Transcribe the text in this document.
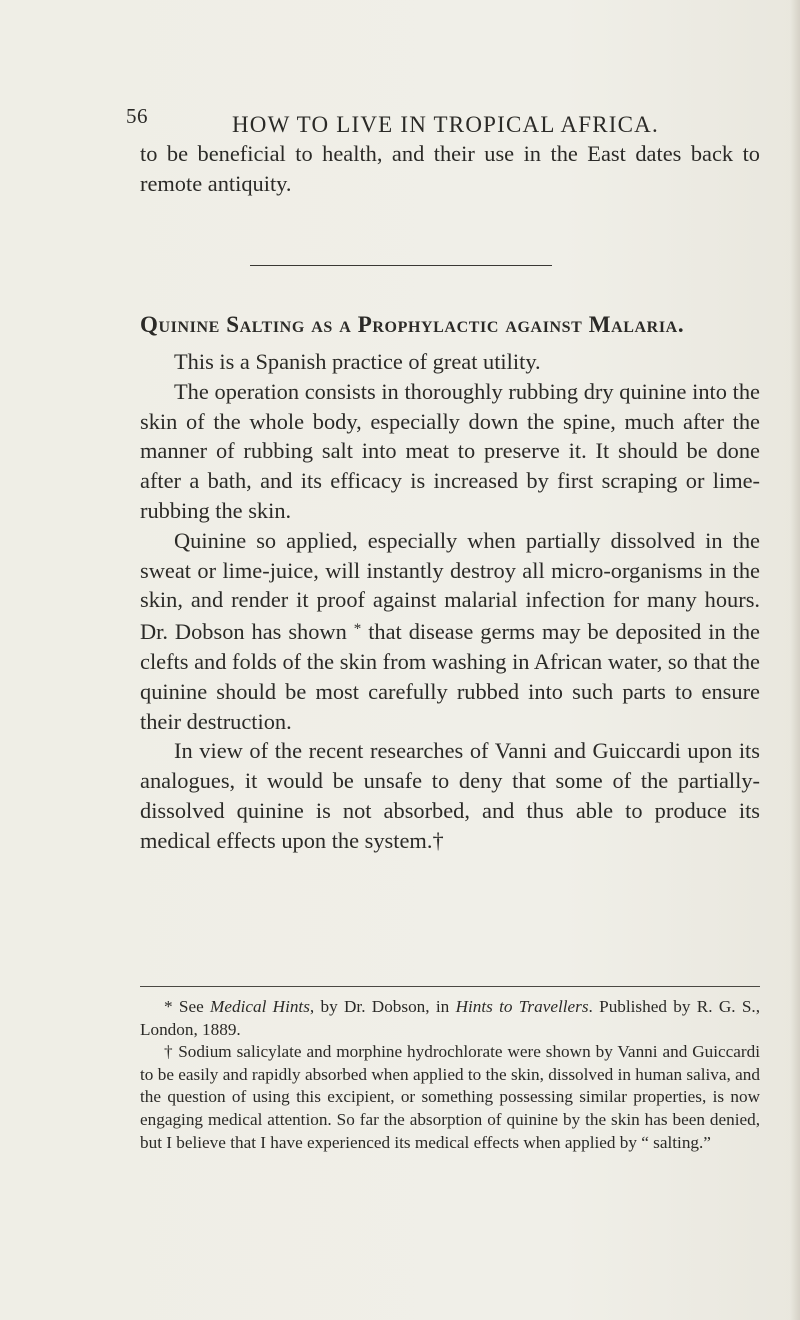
56	HOW TO LIVE IN TROPICAL AFRICA.

to be beneficial to health, and their use in the East dates back to remote antiquity.

Quinine Salting as a Prophylactic against Malaria.

This is a Spanish practice of great utility.

The operation consists in thoroughly rubbing dry quinine into the skin of the whole body, especially down the spine, much after the manner of rubbing salt into meat to preserve it. It should be done after a bath, and its efficacy is increased by first scraping or lime-rubbing the skin.

Quinine so applied, especially when partially dissolved in the sweat or lime-juice, will instantly destroy all micro-organisms in the skin, and render it proof against malarial infection for many hours. Dr. Dobson has shown * that disease germs may be deposited in the clefts and folds of the skin from washing in African water, so that the quinine should be most carefully rubbed into such parts to ensure their destruction.

In view of the recent researches of Vanni and Guiccardi upon its analogues, it would be unsafe to deny that some of the partially-dissolved quinine is not absorbed, and thus able to produce its medical effects upon the system.†

* See Medical Hints, by Dr. Dobson, in Hints to Travellers. Published by R. G. S., London, 1889.

† Sodium salicylate and morphine hydrochlorate were shown by Vanni and Guiccardi to be easily and rapidly absorbed when applied to the skin, dissolved in human saliva, and the question of using this excipient, or something possessing similar properties, is now engaging medical attention. So far the absorption of quinine by the skin has been denied, but I believe that I have experienced its medical effects when applied by “ salting.”
